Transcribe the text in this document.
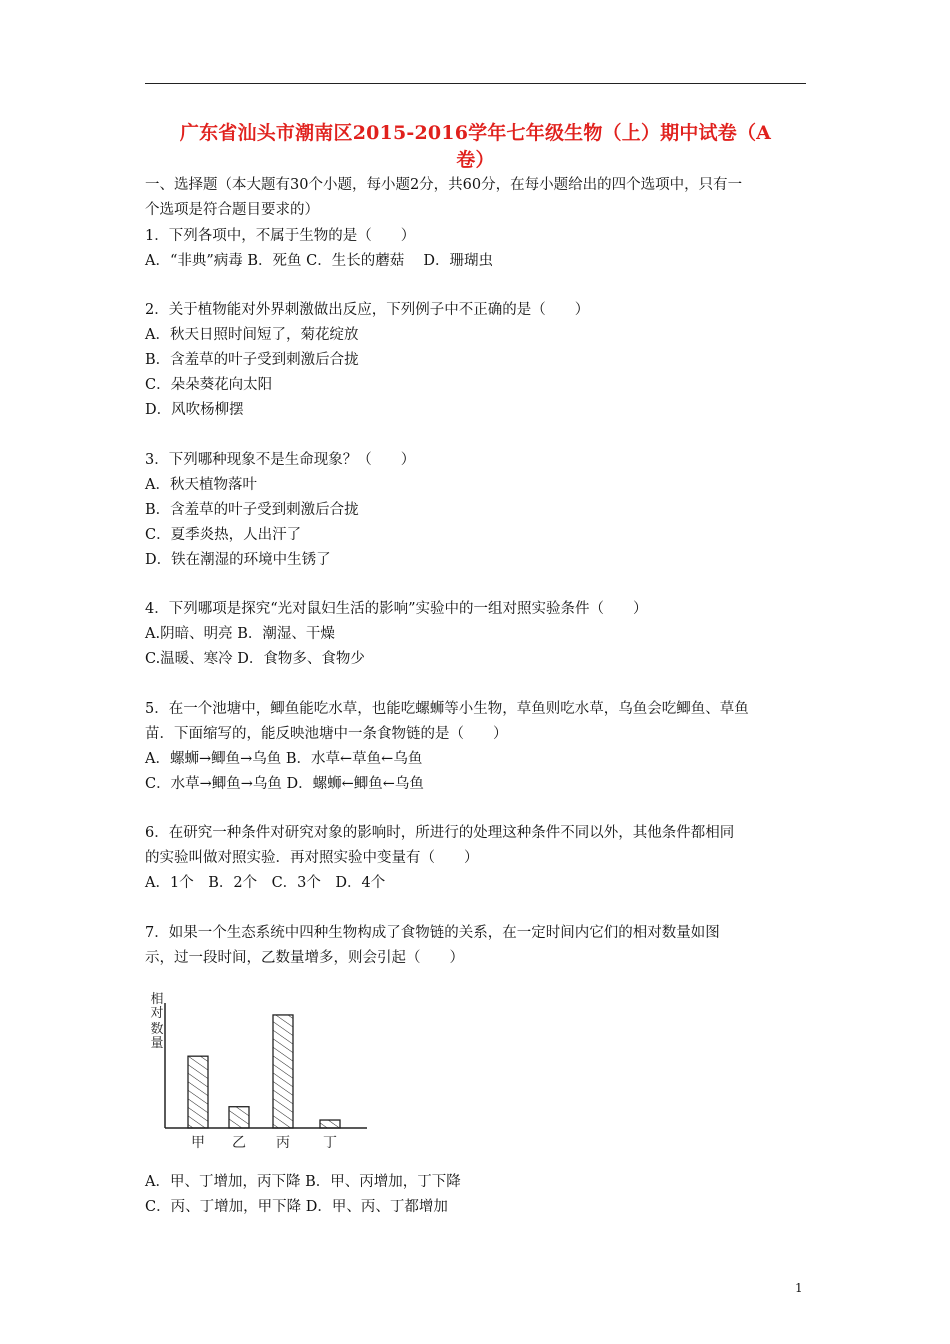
广东省汕头市潮南区2015-2016学年七年级生物（上）期中试卷（A
卷）
一、选择题（本大题有30个小题，每小题2分，共60分，在每小题给出的四个选项中，只有一
个选项是符合题目要求的）
1．下列各项中，不属于生物的是（　　）
A．“非典”病毒 B．死鱼 C．生长的蘑菇　 D．珊瑚虫
2．关于植物能对外界刺激做出反应，下列例子中不正确的是（　　）
A．秋天日照时间短了，菊花绽放
B．含羞草的叶子受到刺激后合拢
C．朵朵葵花向太阳
D．风吹杨柳摆
3．下列哪种现象不是生命现象？（　　）
A．秋天植物落叶
B．含羞草的叶子受到刺激后合拢
C．夏季炎热，人出汗了
D．铁在潮湿的环境中生锈了
4．下列哪项是探究“光对鼠妇生活的影响”实验中的一组对照实验条件（　　）
A.阴暗、明亮 B．潮湿、干燥
C.温暖、寒冷 D．食物多、食物少
5．在一个池塘中，鲫鱼能吃水草，也能吃螺蛳等小生物，草鱼则吃水草，乌鱼会吃鲫鱼、草鱼
苗．下面缩写的，能反映池塘中一条食物链的是（　　）
A．螺蛳→鲫鱼→乌鱼 B．水草←草鱼←乌鱼
C．水草→鲫鱼→乌鱼 D．螺蛳←鲫鱼←乌鱼
6．在研究一种条件对研究对象的影响时，所进行的处理这种条件不同以外，其他条件都相同
的实验叫做对照实验．再对照实验中变量有（　　）
A．1个　B．2个　C．3个　D．4个
7．如果一个生态系统中四种生物构成了食物链的关系，在一定时间内它们的相对数量如图
示，过一段时间，乙数量增多，则会引起（　　）
相对
数量
甲 乙 丙 丁
A．甲、丁增加，丙下降 B．甲、丙增加，丁下降
C．丙、丁增加，甲下降 D．甲、丙、丁都增加
1
